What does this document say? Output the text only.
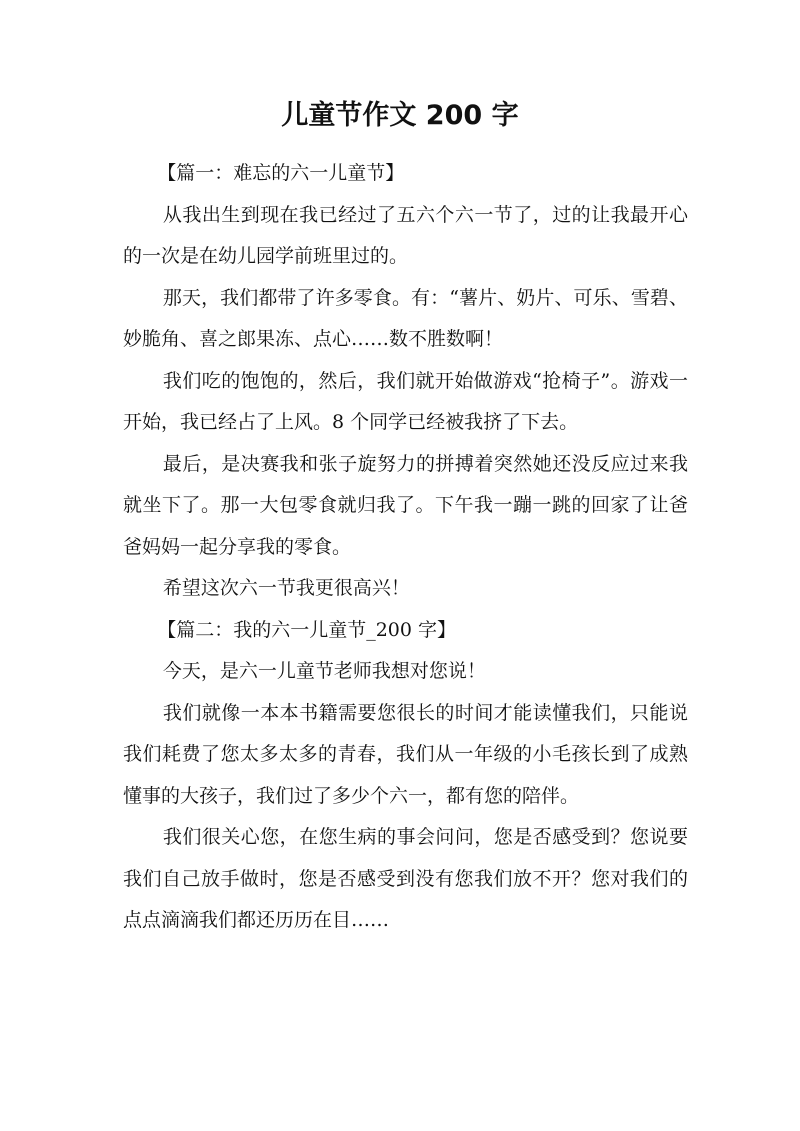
儿童节作文 200 字

【篇一：难忘的六一儿童节】

从我出生到现在我已经过了五六个六一节了，过的让我最开心的一次是在幼儿园学前班里过的。

那天，我们都带了许多零食。有：“薯片、奶片、可乐、雪碧、妙脆角、喜之郎果冻、点心……数不胜数啊！

我们吃的饱饱的，然后，我们就开始做游戏“抢椅子”。游戏一开始，我已经占了上风。8 个同学已经被我挤了下去。

最后，是决赛我和张子旋努力的拼搏着突然她还没反应过来我就坐下了。那一大包零食就归我了。下午我一蹦一跳的回家了让爸爸妈妈一起分享我的零食。

希望这次六一节我更很高兴！

【篇二：我的六一儿童节_200 字】

今天，是六一儿童节老师我想对您说！

我们就像一本本书籍需要您很长的时间才能读懂我们，只能说我们耗费了您太多太多的青春，我们从一年级的小毛孩长到了成熟懂事的大孩子，我们过了多少个六一，都有您的陪伴。

我们很关心您，在您生病的事会问问，您是否感受到？您说要我们自己放手做时，您是否感受到没有您我们放不开？您对我们的点点滴滴我们都还历历在目……
